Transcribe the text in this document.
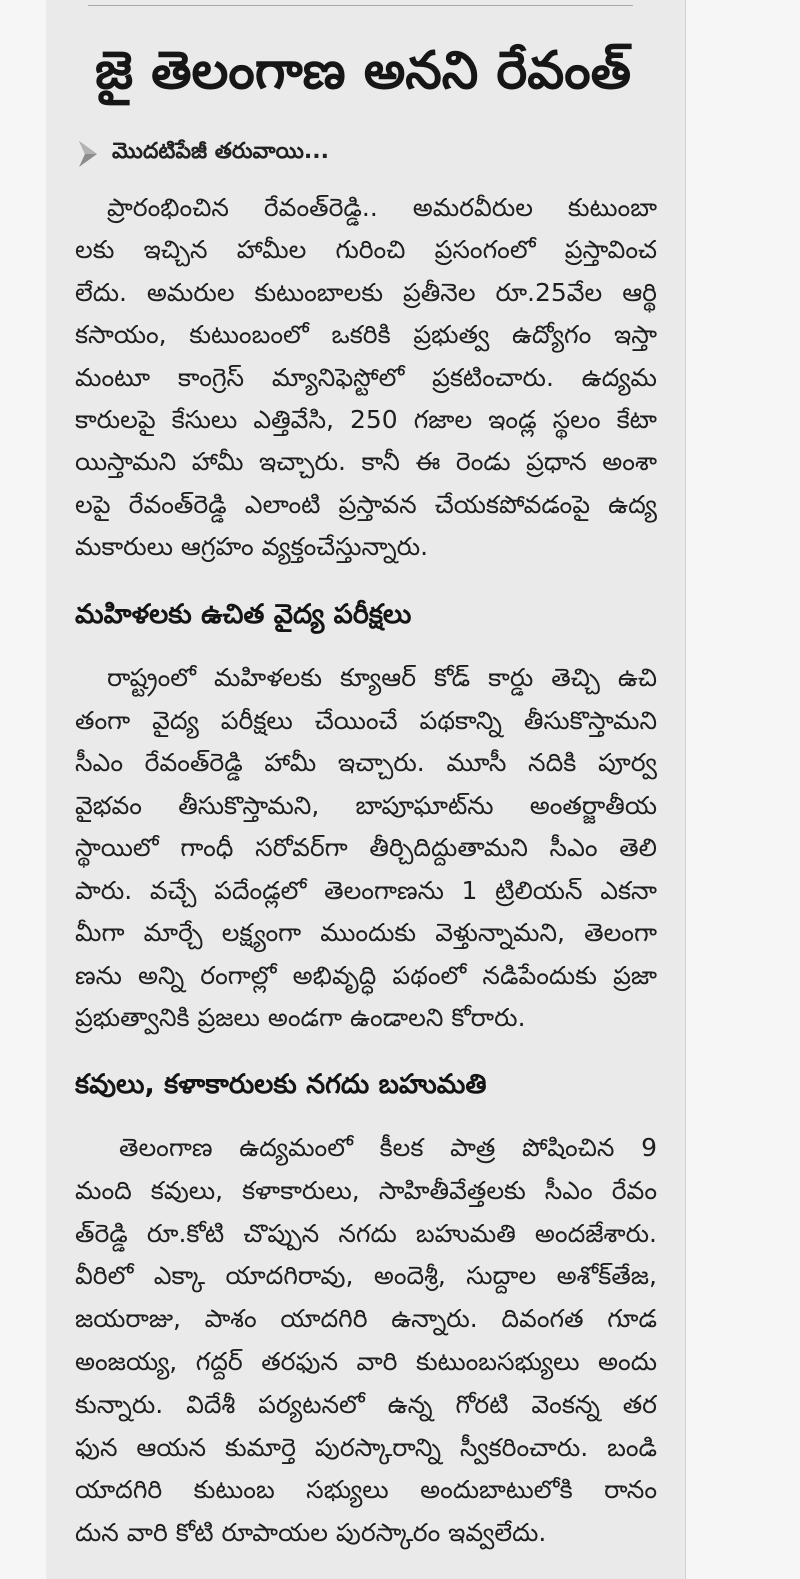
జై తెలంగాణ అనని రేవంత్
మొదటిపేజీ తరువాయి...
ప్రారంభించిన రేవంత్‌రెడ్డి.. అమరవీరుల కుటుంబా
లకు ఇచ్చిన హామీల గురించి ప్రసంగంలో ప్రస్తావించ
లేదు. అమరుల కుటుంబాలకు ప్రతీనెల రూ.25వేల ఆర్థి
కసాయం, కుటుంబంలో ఒకరికి ప్రభుత్వ ఉద్యోగం ఇస్తా
మంటూ కాంగ్రెస్ మ్యానిఫెస్టోలో ప్రకటించారు. ఉద్యమ
కారులపై కేసులు ఎత్తివేసి, 250 గజాల ఇండ్ల స్థలం కేటా
యిస్తామని హామీ ఇచ్చారు. కానీ ఈ రెండు ప్రధాన అంశా
లపై రేవంత్‌రెడ్డి ఎలాంటి ప్రస్తావన చేయకపోవడంపై ఉద్య
మకారులు ఆగ్రహం వ్యక్తంచేస్తున్నారు.
మహిళలకు ఉచిత వైద్య పరీక్షలు
రాష్ట్రంలో మహిళలకు క్యూఆర్ కోడ్ కార్డు తెచ్చి ఉచి
తంగా వైద్య పరీక్షలు చేయించే పథకాన్ని తీసుకొస్తామని
సీఎం రేవంత్‌రెడ్డి హామీ ఇచ్చారు. మూసీ నదికి పూర్వ
వైభవం తీసుకొస్తామని, బాపూఘాట్‌ను అంతర్జాతీయ
స్థాయిలో గాంధీ సరోవర్‌గా తీర్చిదిద్దుతామని సీఎం తెలి
పారు. వచ్చే పదేండ్లలో తెలంగాణను 1 ట్రిలియన్ ఎకనా
మీగా మార్చే లక్ష్యంగా ముందుకు వెళ్తున్నామని, తెలంగా
ణను అన్ని రంగాల్లో అభివృద్ధి పథంలో నడిపేందుకు ప్రజా
ప్రభుత్వానికి ప్రజలు అండగా ఉండాలని కోరారు.
కవులు, కళాకారులకు నగదు బహుమతి
తెలంగాణ ఉద్యమంలో కీలక పాత్ర పోషించిన 9
మంది కవులు, కళాకారులు, సాహితీవేత్తలకు సీఎం రేవం
త్‌రెడ్డి రూ.కోటి చొప్పున నగదు బహుమతి అందజేశారు.
వీరిలో ఎక్కా యాదగిరావు, అందెశ్రీ, సుద్దాల అశోక్‌తేజ,
జయరాజు, పాశం యాదగిరి ఉన్నారు. దివంగత గూడ
అంజయ్య, గద్దర్ తరఫున వారి కుటుంబసభ్యులు అందు
కున్నారు. విదేశీ పర్యటనలో ఉన్న గోరటి వెంకన్న తర
ఫున ఆయన కుమార్తె పురస్కారాన్ని స్వీకరించారు. బండి
యాదగిరి కుటుంబ సభ్యులు అందుబాటులోకి రానం
దున వారి కోటి రూపాయల పురస్కారం ఇవ్వలేదు.
